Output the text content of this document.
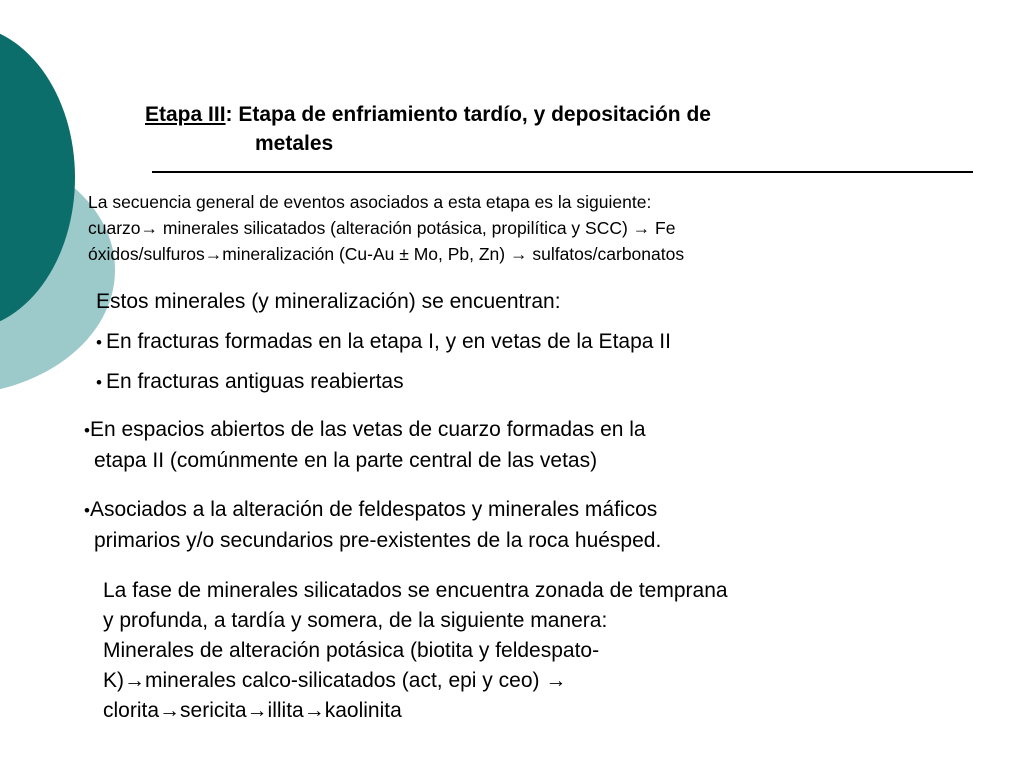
Etapa III: Etapa de enfriamiento tardío, y depositación de
metales
La secuencia general de eventos asociados a esta etapa es la siguiente:
cuarzo→ minerales silicatados (alteración potásica, propilítica y SCC) → Fe
óxidos/sulfuros→mineralización (Cu-Au ± Mo, Pb, Zn) → sulfatos/carbonatos
Estos minerales (y mineralización) se encuentran:
• En fracturas formadas en la etapa I, y en vetas de la Etapa II
• En fracturas antiguas reabiertas
•En espacios abiertos de las vetas de cuarzo formadas en la
etapa II (comúnmente en la parte central de las vetas)
•Asociados a la alteración de feldespatos y minerales máficos
primarios y/o secundarios pre-existentes de la roca huésped.
La fase de minerales silicatados se encuentra zonada de temprana
y profunda, a tardía y somera, de la siguiente manera:
Minerales de alteración potásica (biotita y feldespato-
K)→minerales calco-silicatados (act, epi y ceo) →
clorita→sericita→illita→kaolinita
